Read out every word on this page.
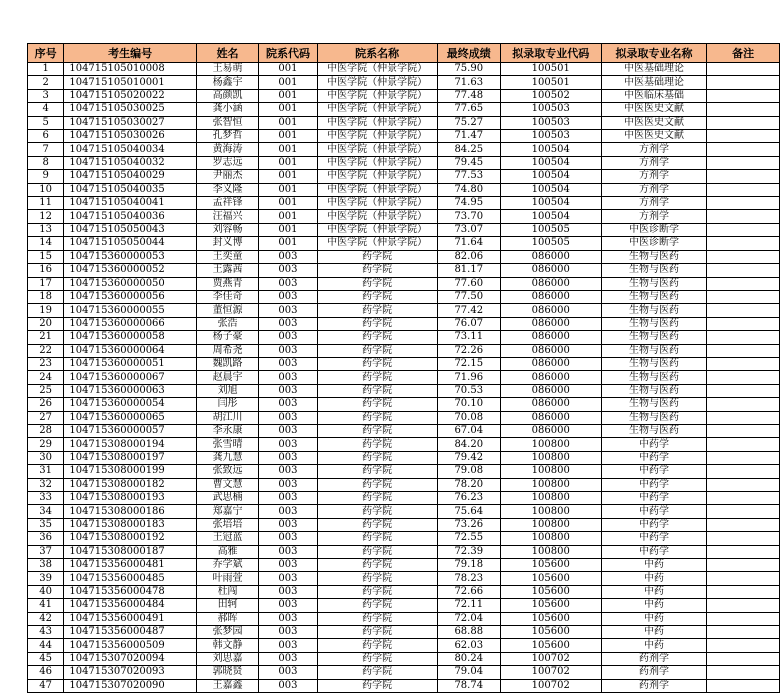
序号	考生编号	姓名	院系代码	院系名称	最终成绩	拟录取专业代码	拟录取专业名称	备注
1	104715105010008	王易萌	001	中医学院（仲景学院）	75.90	100501	中医基础理论	
2	104715105010001	杨鑫宇	001	中医学院（仲景学院）	71.63	100501	中医基础理论	
3	104715105020022	高颜凯	001	中医学院（仲景学院）	77.48	100502	中医临床基础	
4	104715105030025	龚小涵	001	中医学院（仲景学院）	77.65	100503	中医医史文献	
5	104715105030027	张智恒	001	中医学院（仲景学院）	75.27	100503	中医医史文献	
6	104715105030026	孔梦哲	001	中医学院（仲景学院）	71.47	100503	中医医史文献	
7	104715105040034	黄海涛	001	中医学院（仲景学院）	84.25	100504	方剂学	
8	104715105040032	罗志远	001	中医学院（仲景学院）	79.45	100504	方剂学	
9	104715105040029	尹丽杰	001	中医学院（仲景学院）	77.53	100504	方剂学	
10	104715105040035	李义隆	001	中医学院（仲景学院）	74.80	100504	方剂学	
11	104715105040041	孟祥锋	001	中医学院（仲景学院）	74.95	100504	方剂学	
12	104715105040036	汪福兴	001	中医学院（仲景学院）	73.70	100504	方剂学	
13	104715105050043	刘容畅	001	中医学院（仲景学院）	73.07	100505	中医诊断学	
14	104715105050044	封义博	001	中医学院（仲景学院）	71.64	100505	中医诊断学	
15	104715360000053	王奕童	003	药学院	82.06	086000	生物与医药	
16	104715360000052	王露茜	003	药学院	81.17	086000	生物与医药	
17	104715360000050	贾燕青	003	药学院	77.60	086000	生物与医药	
18	104715360000056	李佳奇	003	药学院	77.50	086000	生物与医药	
19	104715360000055	董恒源	003	药学院	77.42	086000	生物与医药	
20	104715360000066	张浩	003	药学院	76.07	086000	生物与医药	
21	104715360000058	杨子豪	003	药学院	73.11	086000	生物与医药	
22	104715360000064	周希尧	003	药学院	72.26	086000	生物与医药	
23	104715360000051	魏凯路	003	药学院	72.15	086000	生物与医药	
24	104715360000067	赵晨宇	003	药学院	71.96	086000	生物与医药	
25	104715360000063	刘旭	003	药学院	70.53	086000	生物与医药	
26	104715360000054	闫彤	003	药学院	70.10	086000	生物与医药	
27	104715360000065	胡江川	003	药学院	70.08	086000	生物与医药	
28	104715360000057	李永康	003	药学院	67.04	086000	生物与医药	
29	104715308000194	张雪晴	003	药学院	84.20	100800	中药学	
30	104715308000197	龚九慧	003	药学院	79.42	100800	中药学	
31	104715308000199	张致远	003	药学院	79.08	100800	中药学	
32	104715308000182	曹文慧	003	药学院	78.20	100800	中药学	
33	104715308000193	武思楠	003	药学院	76.23	100800	中药学	
34	104715308000186	郑嘉宁	003	药学院	75.64	100800	中药学	
35	104715308000183	张培培	003	药学院	73.26	100800	中药学	
36	104715308000192	王冠蓝	003	药学院	72.55	100800	中药学	
37	104715308000187	高雅	003	药学院	72.39	100800	中药学	
38	104715356000481	乔学斌	003	药学院	79.18	105600	中药	
39	104715356000485	叶雨萱	003	药学院	78.23	105600	中药	
40	104715356000478	杜闯	003	药学院	72.66	105600	中药	
41	104715356000484	田轲	003	药学院	72.11	105600	中药	
42	104715356000491	郝晖	003	药学院	72.04	105600	中药	
43	104715356000487	张梦园	003	药学院	68.88	105600	中药	
44	104715356000509	韩文静	003	药学院	62.03	105600	中药	
45	104715307020094	刘思嘉	003	药学院	80.24	100702	药剂学	
46	104715307020093	郭晓贤	003	药学院	79.04	100702	药剂学	
47	104715307020090	王嘉鑫	003	药学院	78.74	100702	药剂学	
